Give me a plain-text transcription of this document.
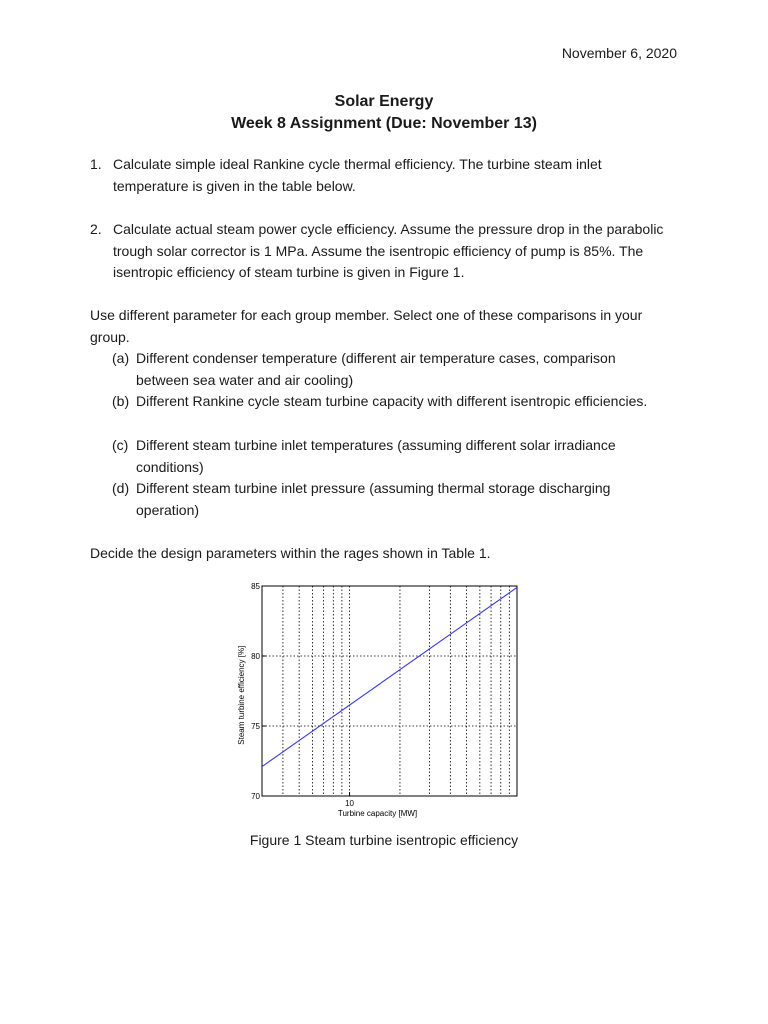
November 6, 2020
Solar Energy
Week 8 Assignment (Due: November 13)
1. Calculate simple ideal Rankine cycle thermal efficiency. The turbine steam inlet temperature is given in the table below.
2. Calculate actual steam power cycle efficiency. Assume the pressure drop in the parabolic trough solar corrector is 1 MPa. Assume the isentropic efficiency of pump is 85%. The isentropic efficiency of steam turbine is given in Figure 1.
Use different parameter for each group member. Select one of these comparisons in your group.
(a) Different condenser temperature (different air temperature cases, comparison between sea water and air cooling)
(b) Different Rankine cycle steam turbine capacity with different isentropic efficiencies.
(c) Different steam turbine inlet temperatures (assuming different solar irradiance conditions)
(d) Different steam turbine inlet pressure (assuming thermal storage discharging operation)
Decide the design parameters within the rages shown in Table 1.
70
75
80
85
10
Turbine capacity [MW]
Steam turbine efficiency [%]
Figure 1 Steam turbine isentropic efficiency
